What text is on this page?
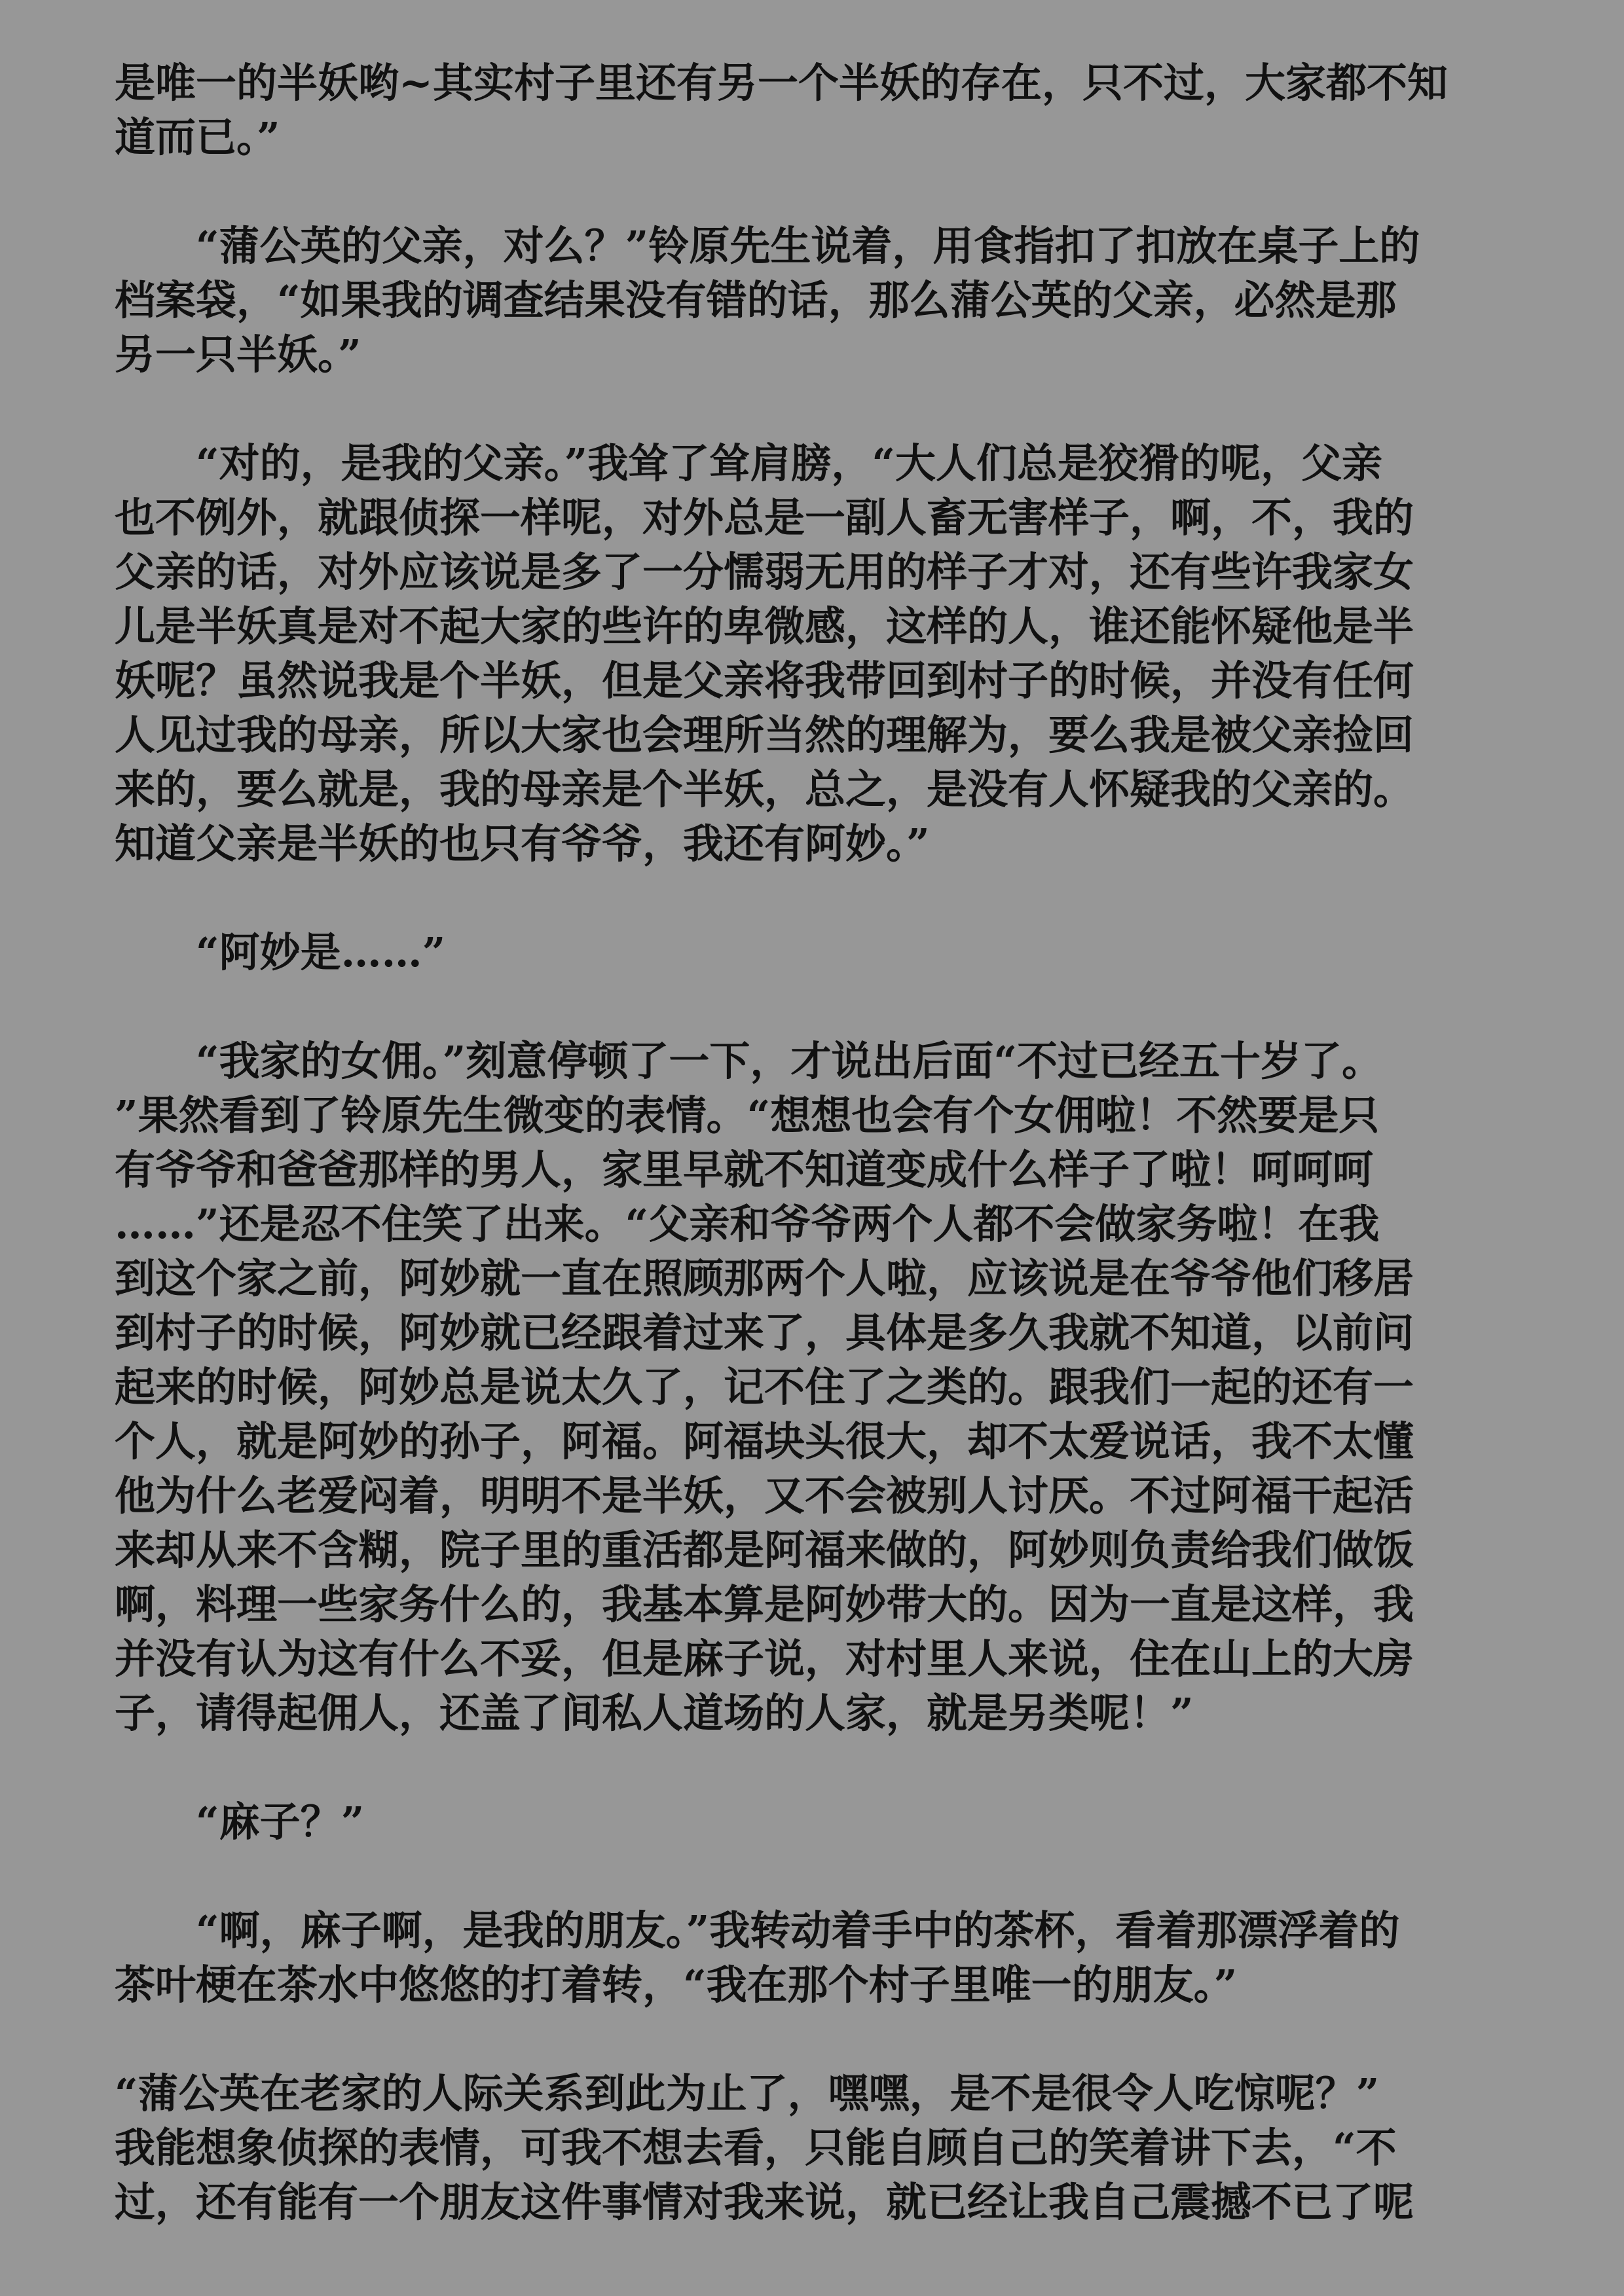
是唯一的半妖哟~其实村子里还有另一个半妖的存在，只不过，大家都不知
道而已。”
　　“蒲公英的父亲，对么？”铃原先生说着，用食指扣了扣放在桌子上的
档案袋，“如果我的调查结果没有错的话，那么蒲公英的父亲，必然是那
另一只半妖。”
　　“对的，是我的父亲。”我耸了耸肩膀，“大人们总是狡猾的呢，父亲
也不例外，就跟侦探一样呢，对外总是一副人畜无害样子，啊，不，我的
父亲的话，对外应该说是多了一分懦弱无用的样子才对，还有些许我家女
儿是半妖真是对不起大家的些许的卑微感，这样的人，谁还能怀疑他是半
妖呢？虽然说我是个半妖，但是父亲将我带回到村子的时候，并没有任何
人见过我的母亲，所以大家也会理所当然的理解为，要么我是被父亲捡回
来的，要么就是，我的母亲是个半妖，总之，是没有人怀疑我的父亲的。
知道父亲是半妖的也只有爷爷，我还有阿妙。”
　　“阿妙是……”
　　“我家的女佣。”刻意停顿了一下，才说出后面“不过已经五十岁了。
”果然看到了铃原先生微变的表情。“想想也会有个女佣啦！不然要是只
有爷爷和爸爸那样的男人，家里早就不知道变成什么样子了啦！呵呵呵
……”还是忍不住笑了出来。“父亲和爷爷两个人都不会做家务啦！在我
到这个家之前，阿妙就一直在照顾那两个人啦，应该说是在爷爷他们移居
到村子的时候，阿妙就已经跟着过来了，具体是多久我就不知道，以前问
起来的时候，阿妙总是说太久了，记不住了之类的。跟我们一起的还有一
个人，就是阿妙的孙子，阿福。阿福块头很大，却不太爱说话，我不太懂
他为什么老爱闷着，明明不是半妖，又不会被别人讨厌。不过阿福干起活
来却从来不含糊，院子里的重活都是阿福来做的，阿妙则负责给我们做饭
啊，料理一些家务什么的，我基本算是阿妙带大的。因为一直是这样，我
并没有认为这有什么不妥，但是麻子说，对村里人来说，住在山上的大房
子，请得起佣人，还盖了间私人道场的人家，就是另类呢！”
　　“麻子？”
　　“啊，麻子啊，是我的朋友。”我转动着手中的茶杯，看着那漂浮着的
茶叶梗在茶水中悠悠的打着转，“我在那个村子里唯一的朋友。”
“蒲公英在老家的人际关系到此为止了，嘿嘿，是不是很令人吃惊呢？”
我能想象侦探的表情，可我不想去看，只能自顾自己的笑着讲下去，“不
过，还有能有一个朋友这件事情对我来说，就已经让我自己震撼不已了呢
